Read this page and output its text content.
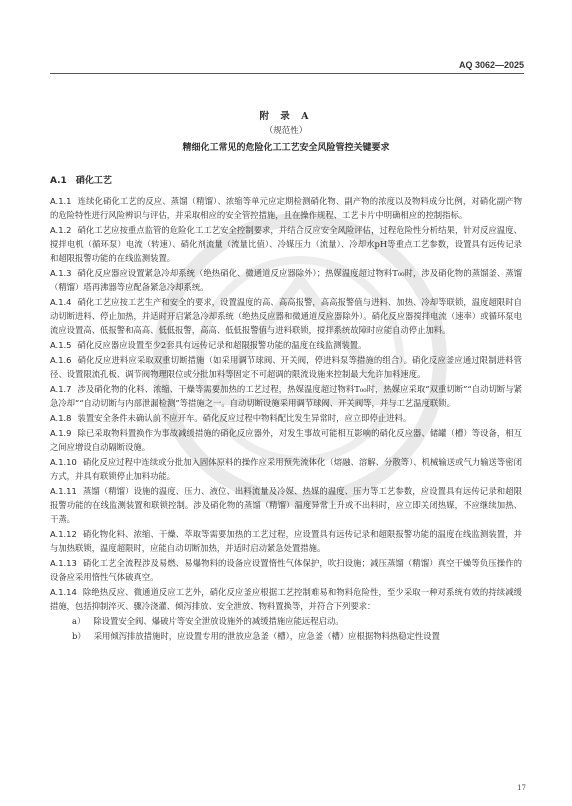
AQ 3062—2025
附 录 A
（规范性）
精细化工常见的危险化工工艺安全风险管控关键要求
A.1　硝化工艺

A.1.1 连续化硝化工艺的反应、蒸馏（精馏）、浓缩等单元应定期检测硝化物、副产物的浓度以及物料成分比例，对硝化副产物的危险特性进行风险辨识与评估，并采取相应的安全管控措施，且在操作规程、工艺卡片中明确相应的控制指标。

A.1.2 硝化工艺应按重点监管的危险化工工艺安全控制要求，并结合反应安全风险评估，过程危险性分析结果，针对反应温度、搅拌电机（循环泵）电流（转速）、硝化剂流量（流量比值）、冷媒压力（流量）、冷却水pH等重点工艺参数，设置具有远传记录和超限报警功能的在线监测装置。

A.1.3 硝化反应器应设置紧急冷却系统（绝热硝化、微通道反应器除外）；热媒温度超过物料T₀₀时，涉及硝化物的蒸馏釜、蒸馏（精馏）塔再沸器等应配备紧急冷却系统。

A.1.4 硝化工艺应按工艺生产和安全的要求，设置温度的高、高高报警，高高报警值与进料、加热、冷却等联锁，温度超限时自动切断进料、停止加热，并适时开启紧急冷却系统（绝热反应器和微通道反应器除外）。硝化反应器搅拌电流（速率）或循环泵电流应设置高、低报警和高高、低低报警，高高、低低报警值与进料联锁，搅拌系统故障时应能自动停止加料。

A.1.5 硝化反应器应设置至少2套具有远传记录和超限报警功能的温度在线监测装置。

A.1.6 硝化反应进料应采取双重切断措施（如采用调节球阀、开关阀，停进料泵等措施的组合）。硝化反应釜应通过限制进料管径、设置限流孔板、调节阀物理限位或分批加料等固定不可超调的限流设施来控制最大允许加料速度。

A.1.7 涉及硝化物的化料、浓缩、干燥等需要加热的工艺过程，热媒温度超过物料T₀₀时，热媒应采取“双重切断”“自动切断与紧急冷却”“自动切断与内部泄漏检测”等措施之一。自动切断设施采用调节球阀、开关阀等，并与工艺温度联锁。

A.1.8 装置安全条件未确认前不应开车。硝化反应过程中物料配比发生异常时，应立即停止进料。

A.1.9 除已采取物料置换作为事故减缓措施的硝化反应器外，对发生事故可能相互影响的硝化反应器、储罐（槽）等设备，相互之间应增设自动隔断设施。

A.1.10 硝化反应过程中连续或分批加入固体原料的操作应采用预先流体化（熔融、溶解、分散等）、机械输送或气力输送等密闭方式，并具有联锁停止加料功能。

A.1.11 蒸馏（精馏）设施的温度、压力、液位、出料流量及冷媒、热媒的温度、压力等工艺参数，应设置具有远传记录和超限报警功能的在线监测装置和联锁控制。涉及硝化物的蒸馏（精馏）温度异常上升或不出料时，应立即关闭热媒，不应继续加热、干蒸。

A.1.12 硝化物化料、浓缩、干燥、萃取等需要加热的工艺过程，应设置具有远传记录和超限报警功能的温度在线监测装置，并与加热联锁，温度超限时，应能自动切断加热，并适时启动紧急处置措施。

A.1.13 硝化工艺全流程涉及易燃、易爆物料的设备应设置惰性气体保护，吹扫设施；减压蒸馏（精馏）真空干燥等负压操作的设备应采用惰性气体破真空。

A.1.14 除绝热反应、微通道反应工艺外，硝化反应釜应根据工艺控制难易和物料危险性，至少采取一种对系统有效的持续减缓措施，包括抑制淬灭、骤冷浇灌、倾泻排放、安全泄放、物料置换等，并符合下列要求：

a） 除设置安全阀、爆破片等安全泄放设施外的减缓措施应能远程启动。

b） 采用倾泻排放措施时，应设置专用的泄放应急釜（槽），应急釜（槽）应根据物料热稳定性设置

17
